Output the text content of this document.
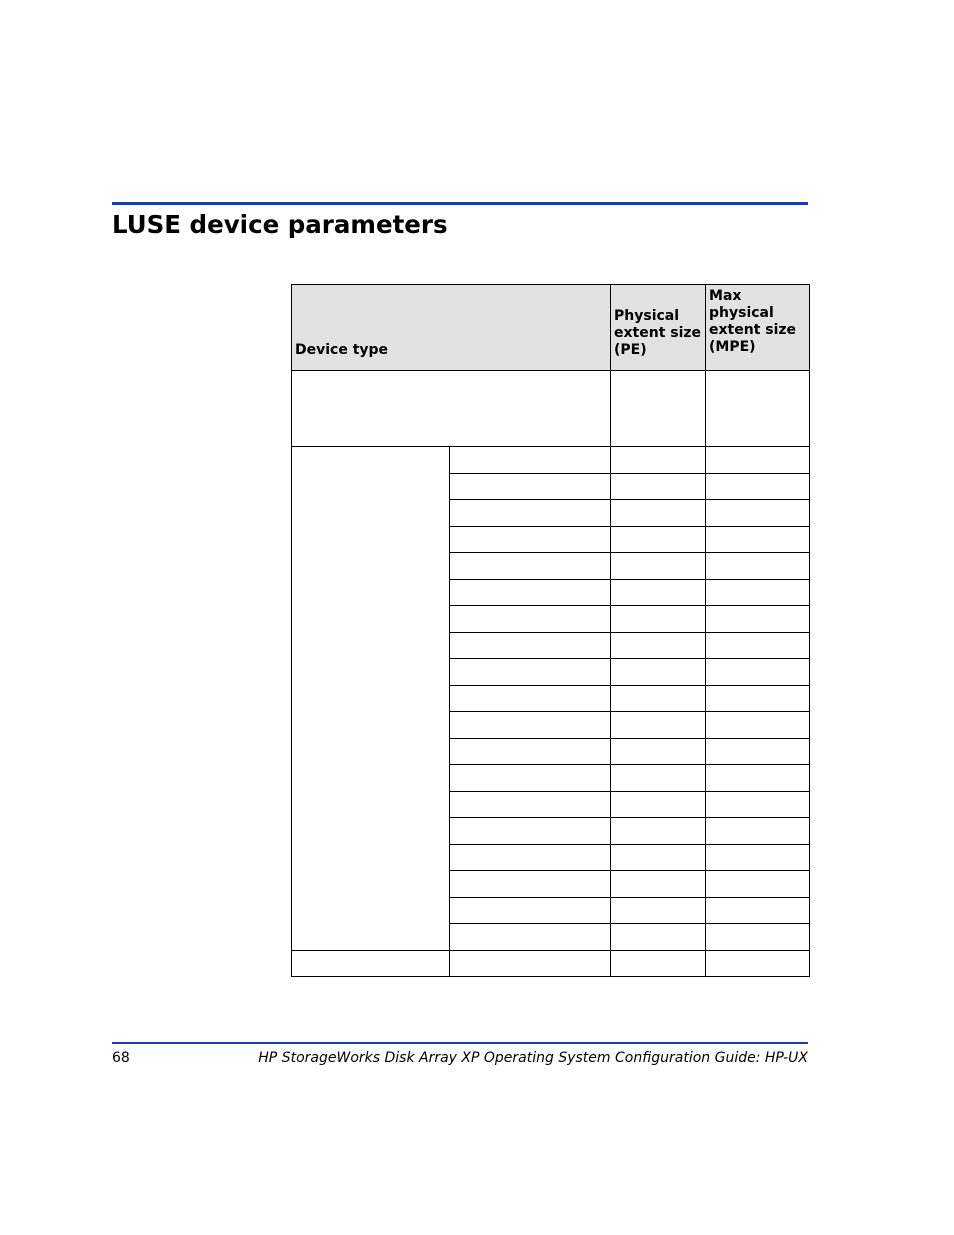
LUSE device parameters
Device type		Physical extent size (PE)	Max physical extent size (MPE)

68	HP StorageWorks Disk Array XP Operating System Configuration Guide: HP-UX
